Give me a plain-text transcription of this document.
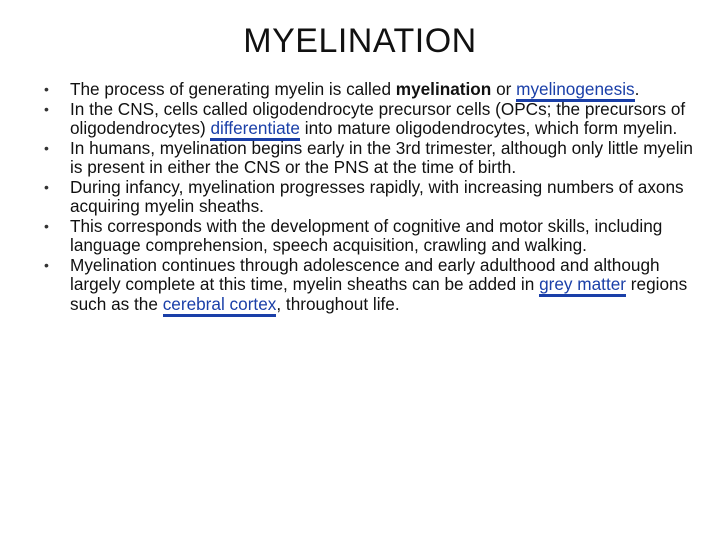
MYELINATION
• The process of generating myelin is called myelination or myelinogenesis.
• In the CNS, cells called oligodendrocyte precursor cells (OPCs; the precursors of oligodendrocytes) differentiate into mature oligodendrocytes, which form myelin.
• In humans, myelination begins early in the 3rd trimester, although only little myelin is present in either the CNS or the PNS at the time of birth.
• During infancy, myelination progresses rapidly, with increasing numbers of axons acquiring myelin sheaths.
• This corresponds with the development of cognitive and motor skills, including language comprehension, speech acquisition, crawling and walking.
• Myelination continues through adolescence and early adulthood and although largely complete at this time, myelin sheaths can be added in grey matter regions such as the cerebral cortex, throughout life.
